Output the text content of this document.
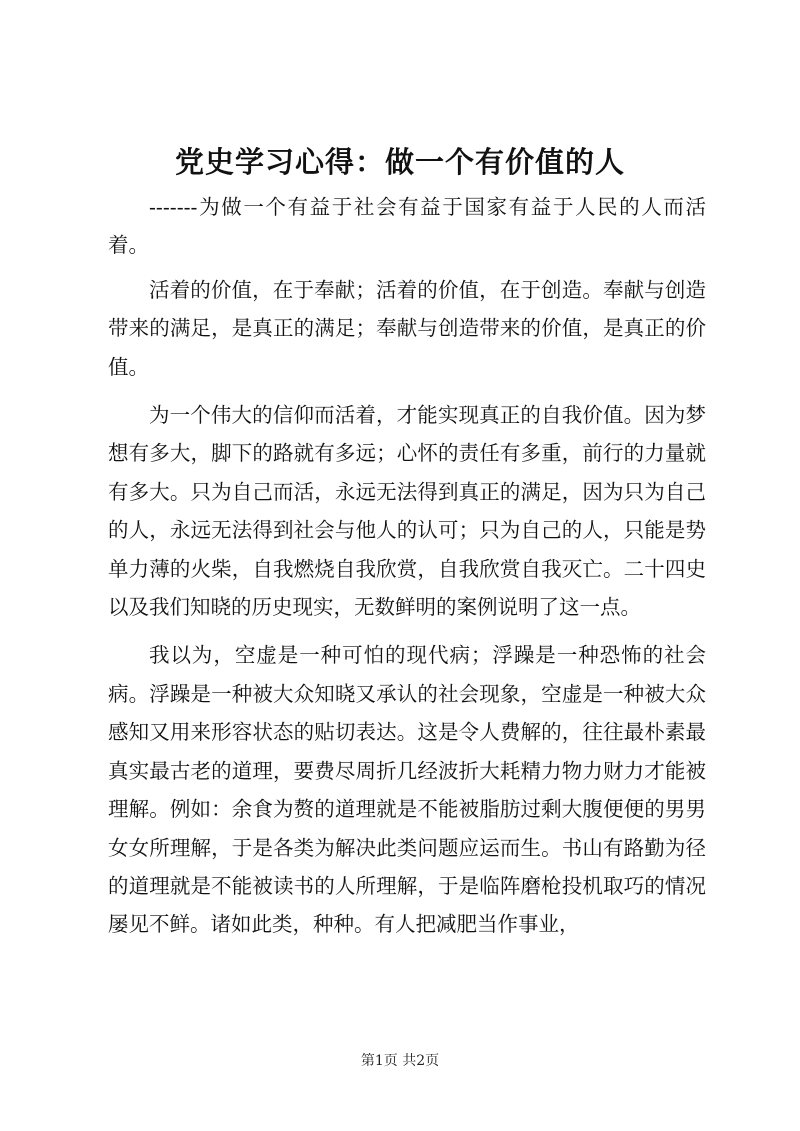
党史学习心得：做一个有价值的人

-------为做一个有益于社会有益于国家有益于人民的人而活着。

活着的价值，在于奉献；活着的价值，在于创造。奉献与创造带来的满足，是真正的满足；奉献与创造带来的价值，是真正的价值。

为一个伟大的信仰而活着，才能实现真正的自我价值。因为梦想有多大，脚下的路就有多远；心怀的责任有多重，前行的力量就有多大。只为自己而活，永远无法得到真正的满足，因为只为自己的人，永远无法得到社会与他人的认可；只为自己的人，只能是势单力薄的火柴，自我燃烧自我欣赏，自我欣赏自我灭亡。二十四史以及我们知晓的历史现实，无数鲜明的案例说明了这一点。

我以为，空虚是一种可怕的现代病；浮躁是一种恐怖的社会病。浮躁是一种被大众知晓又承认的社会现象，空虚是一种被大众感知又用来形容状态的贴切表达。这是令人费解的，往往最朴素最真实最古老的道理，要费尽周折几经波折大耗精力物力财力才能被理解。例如：余食为赘的道理就是不能被脂肪过剩大腹便便的男男女女所理解，于是各类为解决此类问题应运而生。书山有路勤为径的道理就是不能被读书的人所理解，于是临阵磨枪投机取巧的情况屡见不鲜。诸如此类，种种。有人把减肥当作事业，

第1页 共2页
